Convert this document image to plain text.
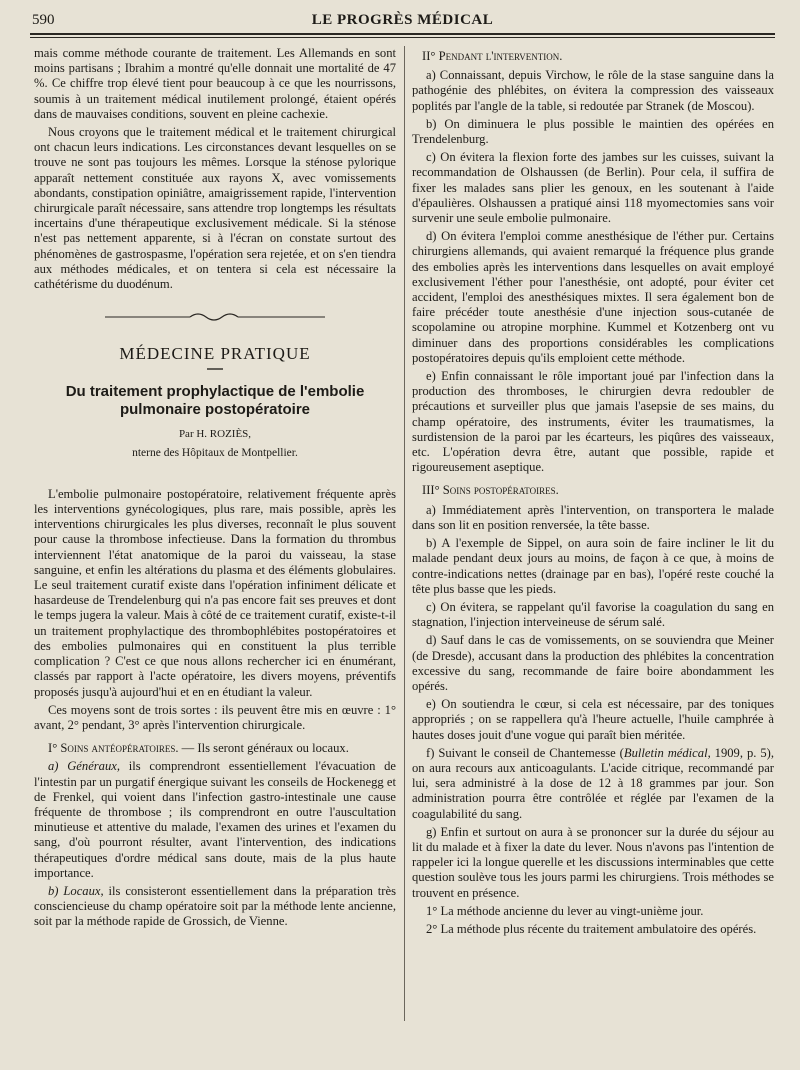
590	LE PROGRÈS MÉDICAL

mais comme méthode courante de traitement. Les Allemands en sont moins partisans ; Ibrahim a montré qu'elle donnait une mortalité de 47 %. Ce chiffre trop élevé tient pour beaucoup à ce que les nourrissons, soumis à un traitement médical inutilement prolongé, étaient opérés dans de mauvaises conditions, souvent en pleine cachexie.

Nous croyons que le traitement médical et le traitement chirurgical ont chacun leurs indications. Les circonstances devant lesquelles on se trouve ne sont pas toujours les mêmes. Lorsque la sténose pylorique apparaît nettement constituée aux rayons X, avec vomissements abondants, constipation opiniâtre, amaigrissement rapide, l'intervention chirurgicale paraît nécessaire, sans attendre trop longtemps les résultats incertains d'une thérapeutique exclusivement médicale. Si la sténose n'est pas nettement apparente, si à l'écran on constate surtout des phénomènes de gastrospasme, l'opération sera rejetée, et on s'en tiendra aux méthodes médicales, et on tentera si cela est nécessaire la cathétérisme du duodénum.

MÉDECINE PRATIQUE
Du traitement prophylactique de l'embolie pulmonaire postopératoire

Par H. ROZIÈS,

nterne des Hôpitaux de Montpellier.

L'embolie pulmonaire postopératoire, relativement fréquente après les interventions gynécologiques, plus rare, mais possible, après les interventions chirurgicales les plus diverses, reconnaît le plus souvent pour cause la thrombose infectieuse. Dans la formation du thrombus interviennent l'état anatomique de la paroi du vaisseau, la stase sanguine, et enfin les altérations du plasma et des éléments globulaires. Le seul traitement curatif existe dans l'opération infiniment délicate et hasardeuse de Trendelenburg qui n'a pas encore fait ses preuves et dont le temps jugera la valeur. Mais à côté de ce traitement curatif, existe-t-il un traitement prophylactique des thrombophlébites postopératoires et des embolies pulmonaires qui en constituent la plus terrible complication ? C'est ce que nous allons rechercher ici en énumérant, classés par rapport à l'acte opératoire, les divers moyens, préventifs proposés jusqu'à aujourd'hui et en en étudiant la valeur.

Ces moyens sont de trois sortes : ils peuvent être mis en œuvre : 1° avant, 2° pendant, 3° après l'intervention chirurgicale.

I° Soins antéopératoires. — Ils seront généraux ou locaux.

a) Généraux, ils comprendront essentiellement l'évacuation de l'intestin par un purgatif énergique suivant les conseils de Hockenegg et de Frenkel, qui voient dans l'infection gastro-intestinale une cause fréquente de thrombose ; ils comprendront en outre l'auscultation minutieuse et attentive du malade, l'examen des urines et l'examen du sang, d'où pourront résulter, avant l'intervention, des indications thérapeutiques d'ordre médical sans doute, mais de la plus haute importance.

b) Locaux, ils consisteront essentiellement dans la préparation très consciencieuse du champ opératoire soit par la méthode lente ancienne, soit par la méthode rapide de Grossich, de Vienne.

II° Pendant l'intervention.

a) Connaissant, depuis Virchow, le rôle de la stase sanguine dans la pathogénie des phlébites, on évitera la compression des vaisseaux poplités par l'angle de la table, si redoutée par Stranek (de Moscou).

b) On diminuera le plus possible le maintien des opérées en Trendelenburg.

c) On évitera la flexion forte des jambes sur les cuisses, suivant la recommandation de Olshaussen (de Berlin). Pour cela, il suffira de fixer les malades sans plier les genoux, en les soutenant à l'aide d'épaulières. Olshaussen a pratiqué ainsi 118 myomectomies sans voir survenir une seule embolie pulmonaire.

d) On évitera l'emploi comme anesthésique de l'éther pur. Certains chirurgiens allemands, qui avaient remarqué la fréquence plus grande des embolies après les interventions dans lesquelles on avait employé exclusivement l'éther pour l'anesthésie, ont adopté, pour éviter cet accident, l'emploi des anesthésiques mixtes. Il sera également bon de faire précéder toute anesthésie d'une injection sous-cutanée de scopolamine ou atropine morphine. Kummel et Kotzenberg ont vu diminuer dans des proportions considérables les complications postopératoires depuis qu'ils emploient cette méthode.

e) Enfin connaissant le rôle important joué par l'infection dans la production des thromboses, le chirurgien devra redoubler de précautions et surveiller plus que jamais l'asepsie de ses mains, du champ opératoire, des instruments, éviter les traumatismes, la surdistension de la paroi par les écarteurs, les piqûres des vaisseaux, etc. L'opération devra être, autant que possible, rapide et rigoureusement aseptique.

III° Soins postopératoires.

a) Immédiatement après l'intervention, on transportera le malade dans son lit en position renversée, la tête basse.

b) A l'exemple de Sippel, on aura soin de faire incliner le lit du malade pendant deux jours au moins, de façon à ce que, à moins de contre-indications nettes (drainage par en bas), l'opéré reste couché la tête plus basse que les pieds.

c) On évitera, se rappelant qu'il favorise la coagulation du sang en stagnation, l'injection interveineuse de sérum salé.

d) Sauf dans le cas de vomissements, on se souviendra que Meiner (de Dresde), accusant dans la production des phlébites la concentration excessive du sang, recommande de faire boire abondamment les opérés.

e) On soutiendra le cœur, si cela est nécessaire, par des toniques appropriés ; on se rappellera qu'à l'heure actuelle, l'huile camphrée à hautes doses jouit d'une vogue qui paraît bien méritée.

f) Suivant le conseil de Chantemesse (Bulletin médical, 1909, p. 5), on aura recours aux anticoagulants. L'acide citrique, recommandé par lui, sera administré à la dose de 12 à 18 grammes par jour. Son administration pourra être contrôlée et réglée par l'examen de la coagulabilité du sang.

g) Enfin et surtout on aura à se prononcer sur la durée du séjour au lit du malade et à fixer la date du lever. Nous n'avons pas l'intention de rappeler ici la longue querelle et les discussions interminables que cette question soulève tous les jours parmi les chirurgiens. Trois méthodes se trouvent en présence.

1° La méthode ancienne du lever au vingt-unième jour.

2° La méthode plus récente du traitement ambulatoire des opérés.
